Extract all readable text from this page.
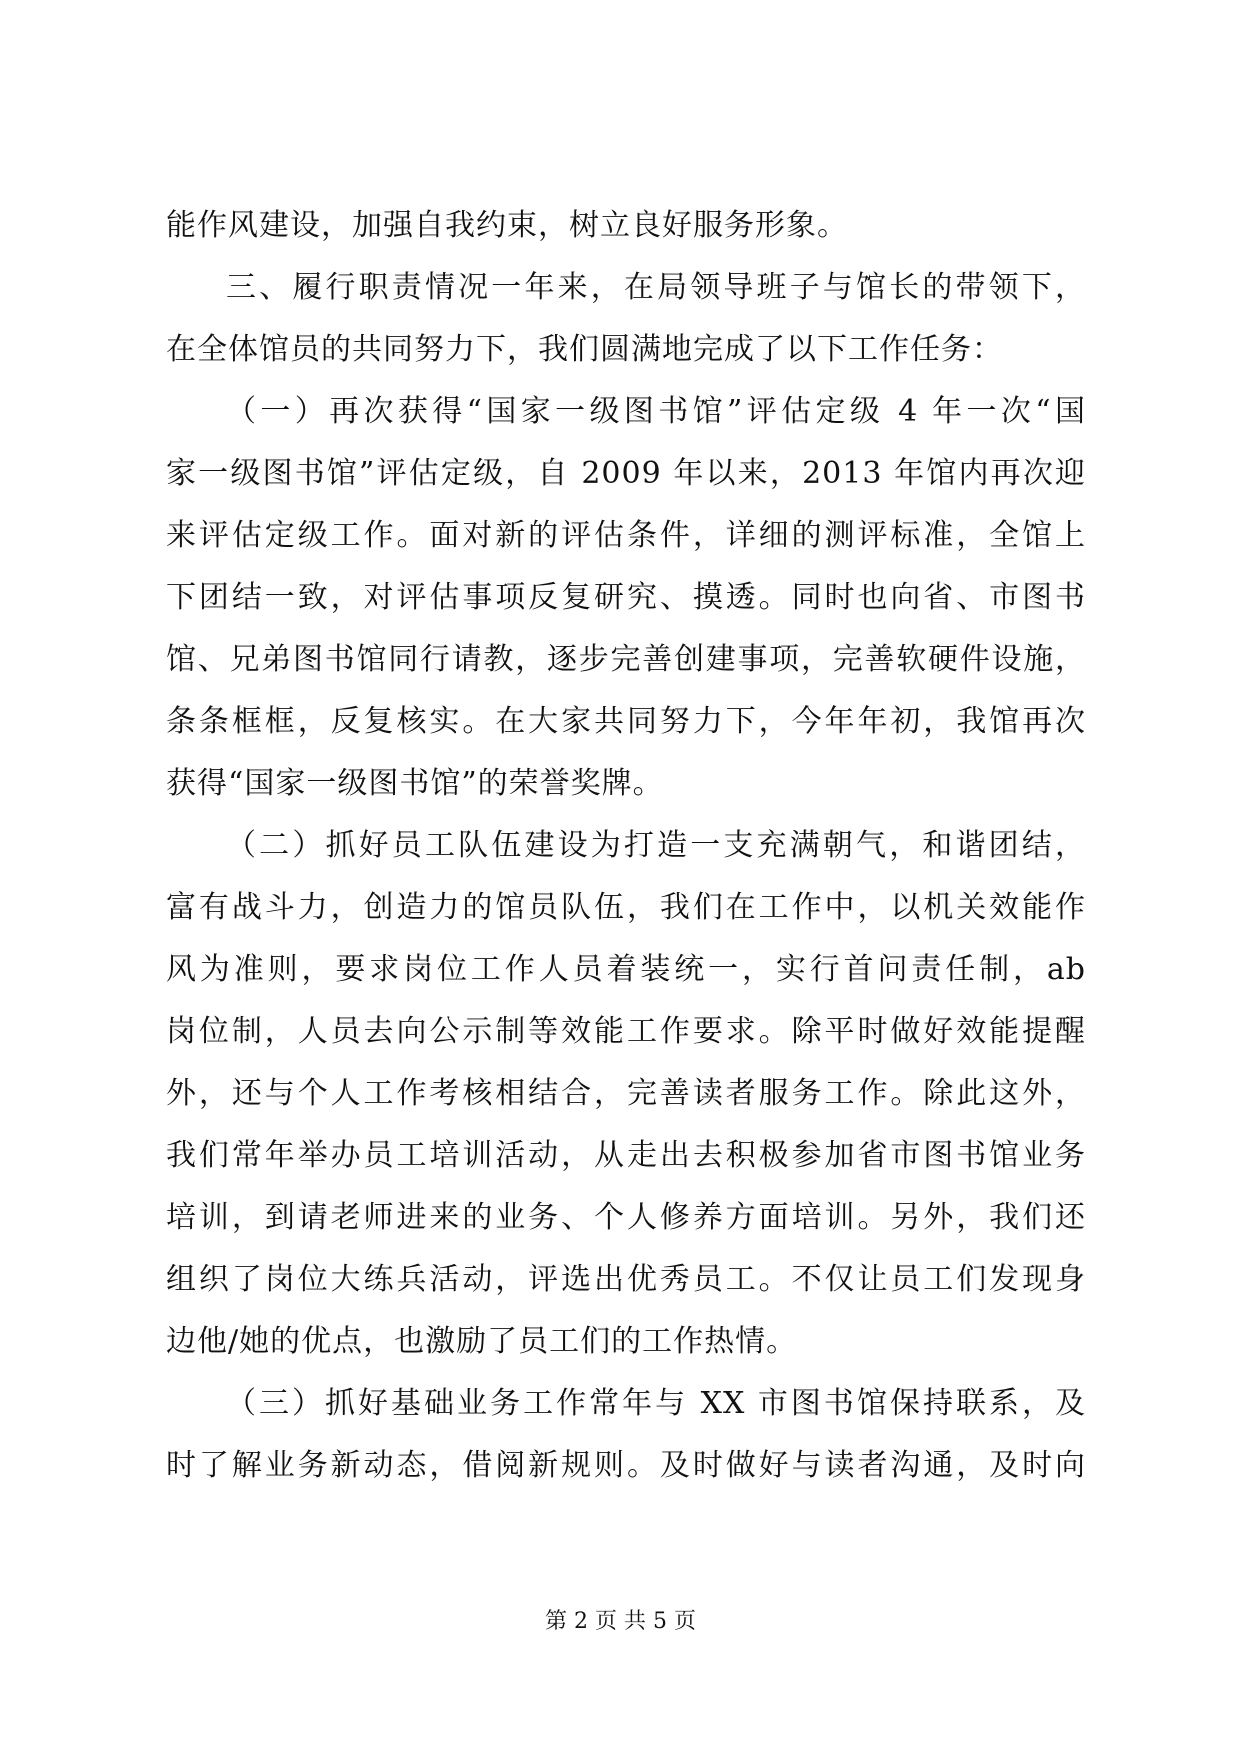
能作风建设，加强自我约束，树立良好服务形象。
三、履行职责情况一年来，在局领导班子与馆长的带领下，
在全体馆员的共同努力下，我们圆满地完成了以下工作任务：
（一）再次获得“国家一级图书馆”评估定级 4 年一次“国
家一级图书馆”评估定级，自 2009 年以来，2013 年馆内再次迎
来评估定级工作。面对新的评估条件，详细的测评标准，全馆上
下团结一致，对评估事项反复研究、摸透。同时也向省、市图书
馆、兄弟图书馆同行请教，逐步完善创建事项，完善软硬件设施，
条条框框，反复核实。在大家共同努力下，今年年初，我馆再次
获得“国家一级图书馆”的荣誉奖牌。
（二）抓好员工队伍建设为打造一支充满朝气，和谐团结，
富有战斗力，创造力的馆员队伍，我们在工作中，以机关效能作
风为准则，要求岗位工作人员着装统一，实行首问责任制，ab
岗位制，人员去向公示制等效能工作要求。除平时做好效能提醒
外，还与个人工作考核相结合，完善读者服务工作。除此这外，
我们常年举办员工培训活动，从走出去积极参加省市图书馆业务
培训，到请老师进来的业务、个人修养方面培训。另外，我们还
组织了岗位大练兵活动，评选出优秀员工。不仅让员工们发现身
边他/她的优点，也激励了员工们的工作热情。
（三）抓好基础业务工作常年与 XX 市图书馆保持联系，及
时了解业务新动态，借阅新规则。及时做好与读者沟通，及时向
第 2 页 共 5 页
